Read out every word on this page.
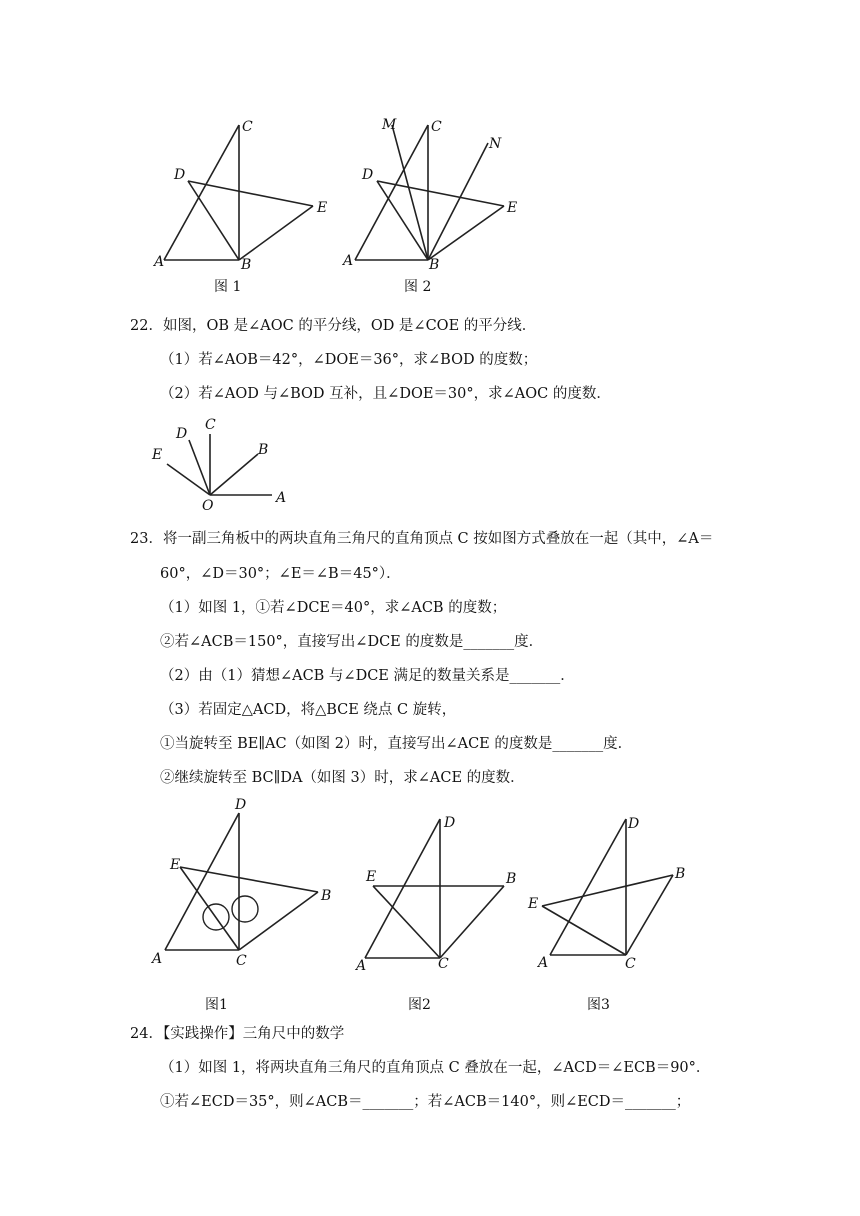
A	B
C
D
E
图 1
A	B
C
D
E
M
N
图 2
22．如图，OB 是∠AOC 的平分线，OD 是∠COE 的平分线．
（1）若∠AOB＝42°，∠DOE＝36°，求∠BOD 的度数；
（2）若∠AOD 与∠BOD 互补，且∠DOE＝30°，求∠AOC 的度数．
O	A
B
C
D
E
23．将一副三角板中的两块直角三角尺的直角顶点 C 按如图方式叠放在一起（其中，∠A＝
60°，∠D＝30°；∠E＝∠B＝45°）．
（1）如图 1，①若∠DCE＝40°，求∠ACB 的度数；
②若∠ACB＝150°，直接写出∠DCE 的度数是_______度．
（2）由（1）猜想∠ACB 与∠DCE 满足的数量关系是_______．
（3）若固定△ACD，将△BCE 绕点 C 旋转，
①当旋转至 BE∥AC（如图 2）时，直接写出∠ACE 的度数是_______度．
②继续旋转至 BC∥DA（如图 3）时，求∠ACE 的度数．
A	C
D
E
B
图1
A	C
D
E	B
图2
A	C
D
E
B
图3
24．【实践操作】三角尺中的数学
（1）如图 1，将两块直角三角尺的直角顶点 C 叠放在一起，∠ACD＝∠ECB＝90°．
①若∠ECD＝35°，则∠ACB＝_______；若∠ACB＝140°，则∠ECD＝_______；
